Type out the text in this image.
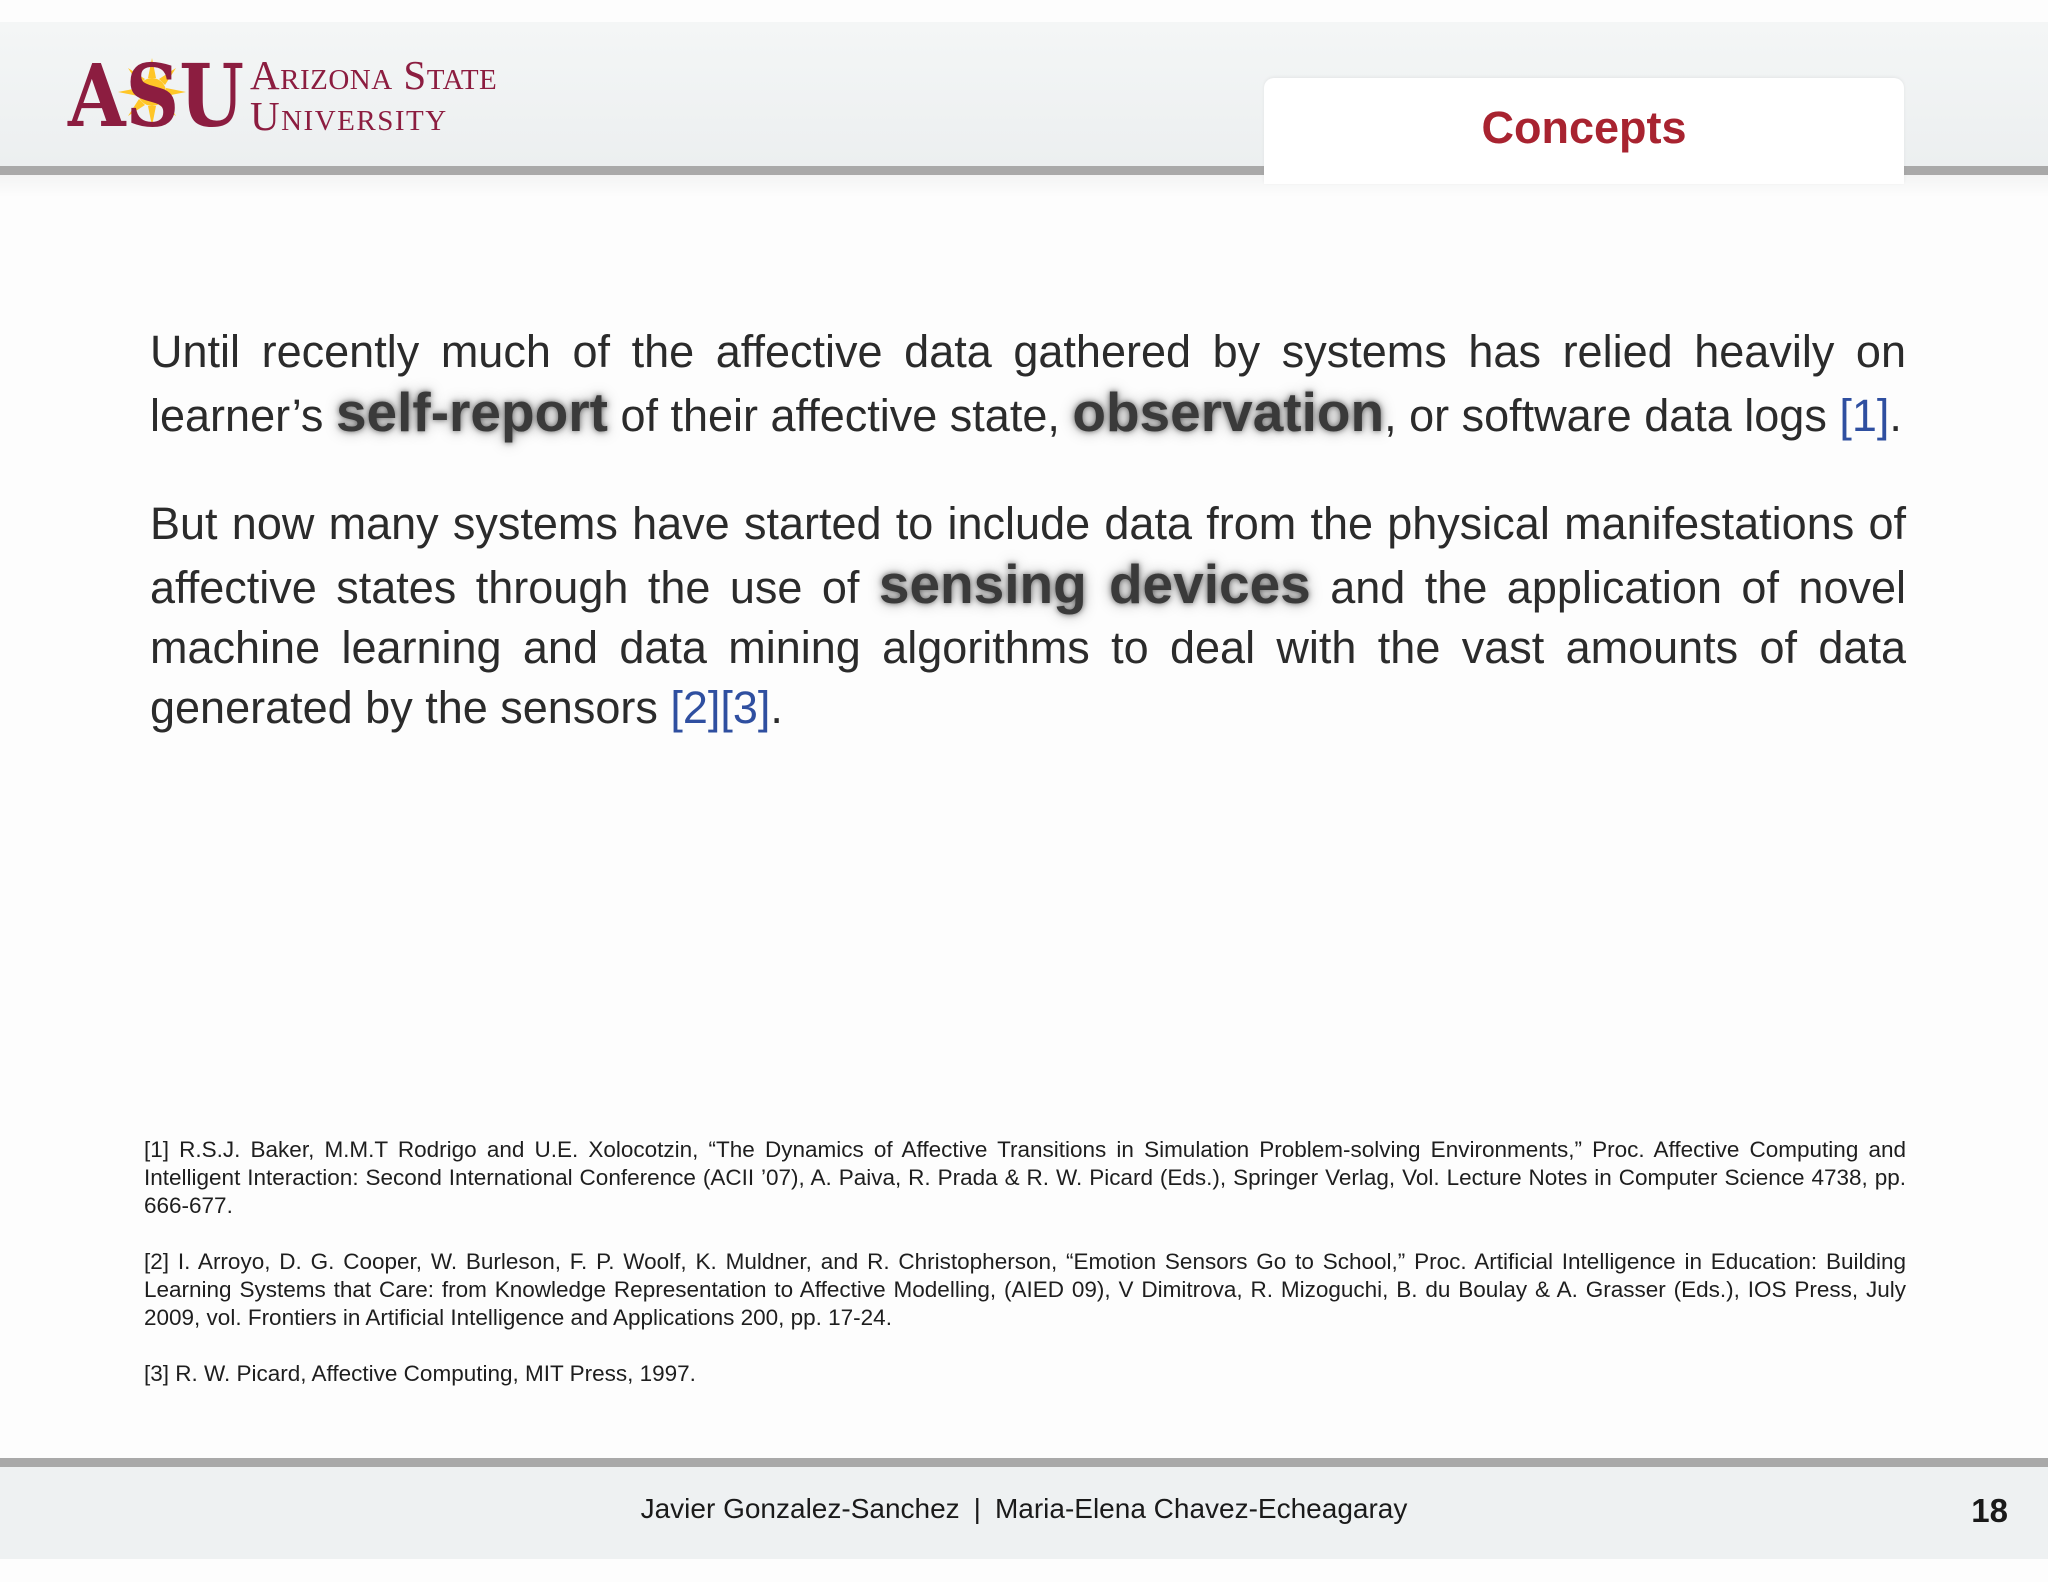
ASU Arizona State
University	Concepts

Until recently much of the affective data gathered by systems has relied heavily on learner’s self-report of their affective state, observation, or software data logs [1].

But now many systems have started to include data from the physical manifestations of affective states through the use of sensing devices and the application of novel machine learning and data mining algorithms to deal with the vast amounts of data generated by the sensors [2][3].

[1] R.S.J. Baker, M.M.T Rodrigo and U.E. Xolocotzin, “The Dynamics of Affective Transitions in Simulation Problem-solving Environments,” Proc. Affective Computing and Intelligent Interaction: Second International Conference (ACII ’07), A. Paiva, R. Prada & R. W. Picard (Eds.), Springer Verlag, Vol. Lecture Notes in Computer Science 4738, pp. 666-677.

[2] I. Arroyo, D. G. Cooper, W. Burleson, F. P. Woolf, K. Muldner, and R. Christopherson, “Emotion Sensors Go to School,” Proc. Artificial Intelligence in Education: Building Learning Systems that Care: from Knowledge Representation to Affective Modelling, (AIED 09), V Dimitrova, R. Mizoguchi, B. du Boulay & A. Grasser (Eds.), IOS Press, July 2009, vol. Frontiers in Artificial Intelligence and Applications 200, pp. 17-24.

[3] R. W. Picard, Affective Computing, MIT Press, 1997.

Javier Gonzalez-Sanchez | Maria-Elena Chavez-Echeagaray	18
